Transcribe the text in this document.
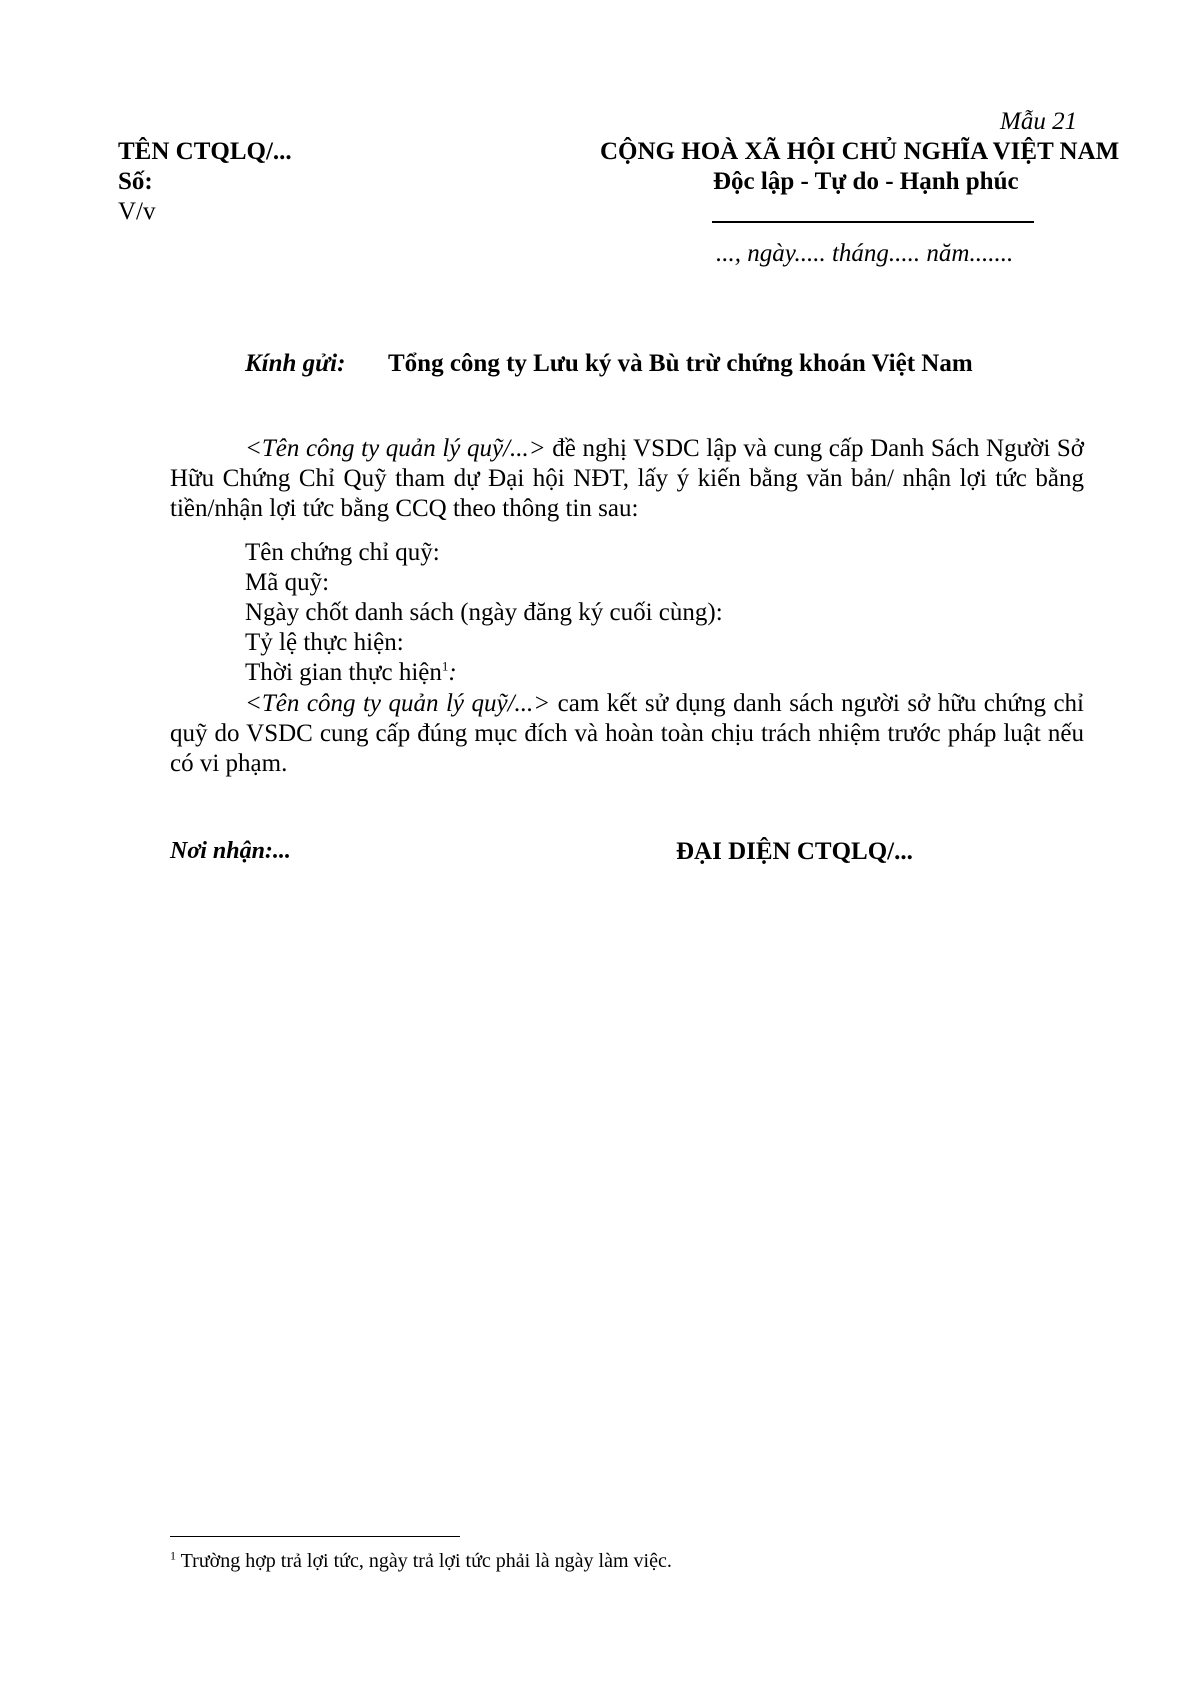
Mẫu 21
TÊN CTQLQ/...
Số:
V/v
CỘNG HOÀ XÃ HỘI CHỦ NGHĨA VIỆT NAM
Độc lập - Tự do - Hạnh phúc
..., ngày..... tháng..... năm.......
Kính gửi: Tổng công ty Lưu ký và Bù trừ chứng khoán Việt Nam
<Tên công ty quản lý quỹ/...> đề nghị VSDC lập và cung cấp Danh Sách Người Sở Hữu Chứng Chỉ Quỹ tham dự Đại hội NĐT, lấy ý kiến bằng văn bản/ nhận lợi tức bằng tiền/nhận lợi tức bằng CCQ theo thông tin sau:
Tên chứng chỉ quỹ:
Mã quỹ:
Ngày chốt danh sách (ngày đăng ký cuối cùng):
Tỷ lệ thực hiện:
Thời gian thực hiện$^1$:
<Tên công ty quản lý quỹ/...> cam kết sử dụng danh sách người sở hữu chứng chỉ quỹ do VSDC cung cấp đúng mục đích và hoàn toàn chịu trách nhiệm trước pháp luật nếu có vi phạm.
Nơi nhận:...	ĐẠI DIỆN CTQLQ/...
$^1$ Trường hợp trả lợi tức, ngày trả lợi tức phải là ngày làm việc.
